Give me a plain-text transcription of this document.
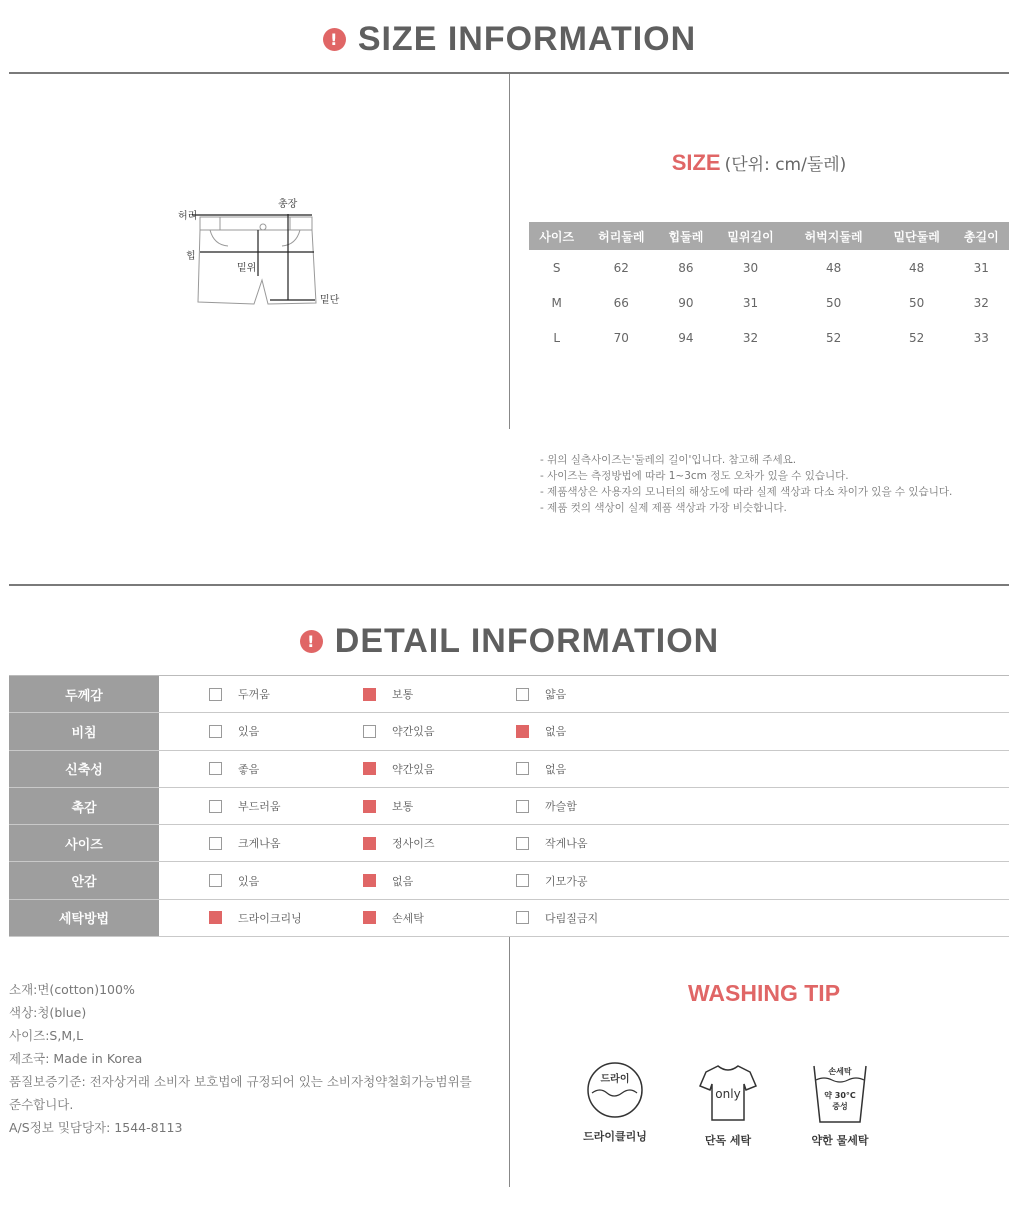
! SIZE INFORMATION
허리
총장
힙
밑위
밑단
SIZE (단위: cm/둘레)
사이즈	허리둘레	힙둘레	밑위길이	허벅지둘레	밑단둘레	총길이
S	62	86	30	48	48	31
M	66	90	31	50	50	32
L	70	94	32	52	52	33
- 위의 실측사이즈는'둘레의 길이'입니다. 참고해 주세요.
- 사이즈는 측정방법에 따라 1~3cm 정도 오차가 있을 수 있습니다.
- 제품색상은 사용자의 모니터의 해상도에 따라 실제 색상과 다소 차이가 있을 수 있습니다.
- 제품 컷의 색상이 실제 제품 색상과 가장 비슷합니다.
! DETAIL INFORMATION
두께감	두꺼움	보통	얇음
비침	있음	약간있음	없음
신축성	좋음	약간있음	없음
촉감	부드러움	보통	까슬함
사이즈	크게나옴	정사이즈	작게나옴
안감	있음	없음	기모가공
세탁방법	드라이크리닝	손세탁	다림질금지
소재:면(cotton)100%
색상:청(blue)
사이즈:S,M,L
제조국: Made in Korea
품질보증기준: 전자상거래 소비자 보호법에 규정되어 있는 소비자청약철회가능범위를
준수합니다.
A/S정보 및담당자: 1544-8113
WASHING TIP
드라이
드라이클리닝
only
단독 세탁
손세탁
약 30°C
중성
약한 물세탁
